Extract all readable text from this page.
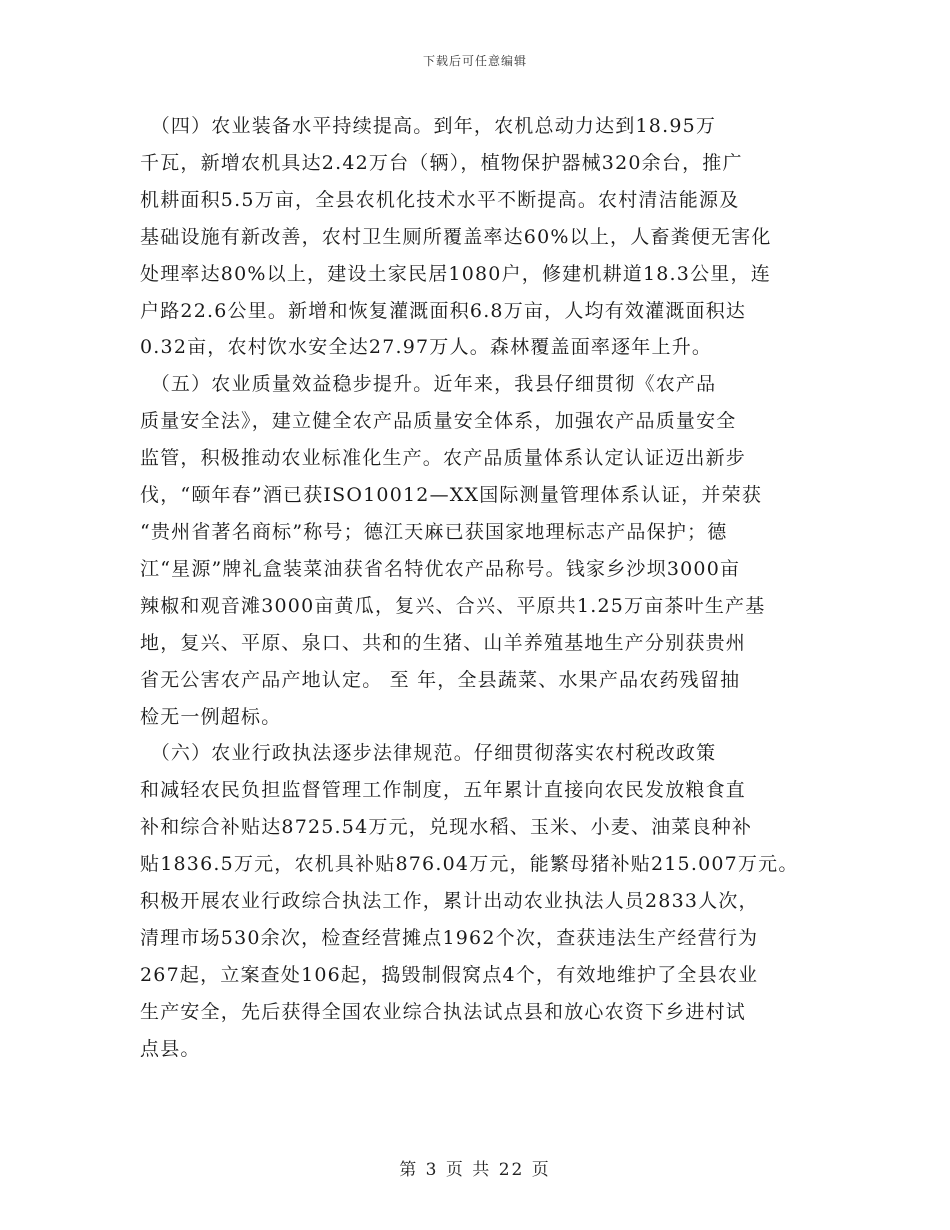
下载后可任意编辑
　（四）农业装备水平持续提高。到年，农机总动力达到18.95万
千瓦，新增农机具达2.42万台（辆），植物保护器械320余台，推广
机耕面积5.5万亩，全县农机化技术水平不断提高。农村清洁能源及
基础设施有新改善，农村卫生厕所覆盖率达60%以上，人畜粪便无害化
处理率达80%以上，建设土家民居1080户，修建机耕道18.3公里，连
户路22.6公里。新增和恢复灌溉面积6.8万亩，人均有效灌溉面积达
0.32亩，农村饮水安全达27.97万人。森林覆盖面率逐年上升。
　（五）农业质量效益稳步提升。近年来，我县仔细贯彻《农产品
质量安全法》，建立健全农产品质量安全体系，加强农产品质量安全
监管，积极推动农业标准化生产。农产品质量体系认定认证迈出新步
伐，“颐年春”酒已获ISO10012—XX国际测量管理体系认证，并荣获
“贵州省著名商标”称号；德江天麻已获国家地理标志产品保护；德
江“星源”牌礼盒装菜油获省名特优农产品称号。钱家乡沙坝3000亩
辣椒和观音滩3000亩黄瓜，复兴、合兴、平原共1.25万亩茶叶生产基
地，复兴、平原、泉口、共和的生猪、山羊养殖基地生产分别获贵州
省无公害农产品产地认定。 至 年，全县蔬菜、水果产品农药残留抽
检无一例超标。
　（六）农业行政执法逐步法律规范。仔细贯彻落实农村税改政策
和减轻农民负担监督管理工作制度，五年累计直接向农民发放粮食直
补和综合补贴达8725.54万元，兑现水稻、玉米、小麦、油菜良种补
贴1836.5万元，农机具补贴876.04万元，能繁母猪补贴215.007万元。
积极开展农业行政综合执法工作，累计出动农业执法人员2833人次，
清理市场530余次，检查经营摊点1962个次，查获违法生产经营行为
267起，立案查处106起，捣毁制假窝点4个，有效地维护了全县农业
生产安全，先后获得全国农业综合执法试点县和放心农资下乡进村试
点县。
第 3 页 共 22 页
